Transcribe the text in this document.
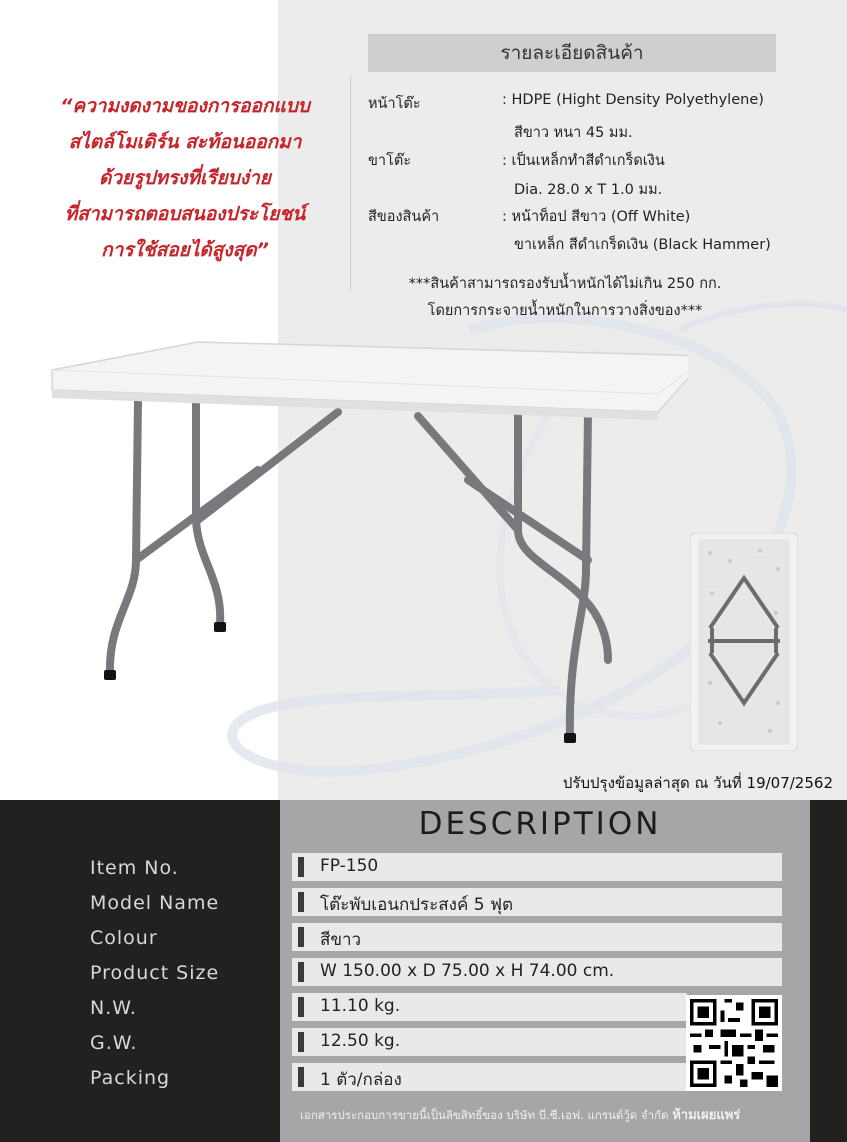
“ความงดงามของการออกแบบ
สไตล์โมเดิร์น สะท้อนออกมา
ด้วยรูปทรงที่เรียบง่าย
ที่สามารถตอบสนองประโยชน์
การใช้สอยได้สูงสุด”
รายละเอียดสินค้า
หน้าโต๊ะ	: HDPE (Hight Density Polyethylene)
สีขาว หนา 45 มม.
ขาโต๊ะ	: เป็นเหล็กทำสีดำเกร็ดเงิน
Dia. 28.0 x T 1.0 มม.
สีของสินค้า	: หน้าท็อป สีขาว (Off White)
ขาเหล็ก สีดำเกร็ดเงิน (Black Hammer)
***สินค้าสามารถรองรับน้ำหนักได้ไม่เกิน 250 กก.
โดยการกระจายน้ำหนักในการวางสิ่งของ***
ปรับปรุงข้อมูลล่าสุด ณ วันที่ 19/07/2562
DESCRIPTION
Item No.	FP-150
Model Name	โต๊ะพับเอนกประสงค์ 5 ฟุต
Colour	สีขาว
Product Size	W 150.00 x D 75.00 x H 74.00 cm.
N.W.	11.10 kg.
G.W.	12.50 kg.
Packing	1 ตัว/กล่อง
เอกสารประกอบการขายนี้เป็นลิขสิทธิ์ของ บริษัท บี.ซี.เอฟ. แกรนด์วู้ด จำกัด ห้ามเผยแพร่
